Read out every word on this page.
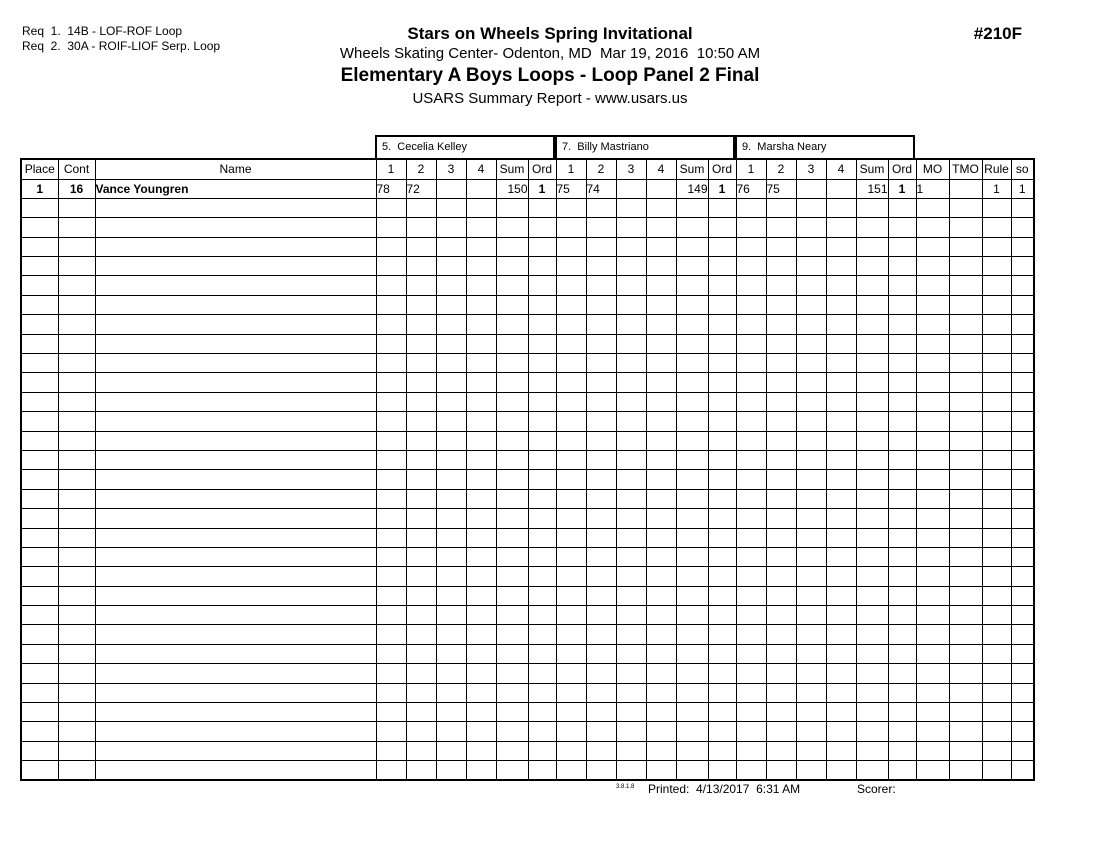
Req  1.  14B - LOF-ROF Loop
Req  2.  30A - ROIF-LIOF Serp. Loop
Stars on Wheels Spring Invitational
Wheels Skating Center- Odenton, MD  Mar 19, 2016  10:50 AM
Elementary A Boys Loops - Loop Panel 2 Final
USARS Summary Report - www.usars.us
#210F
5.  Cecelia Kelley	7.  Billy Mastriano	9.  Marsha Neary
Place	Cont	Name	1	2	3	4	Sum	Ord	1	2	3	4	Sum	Ord	1	2	3	4	Sum	Ord	MO	TMO	Rule	so
1	16	Vance Youngren	78	72			150	1	75	74			149	1	76	75			151	1	1		1	1

3.8.1.8 Printed:  4/13/2017  6:31 AM	Scorer:
